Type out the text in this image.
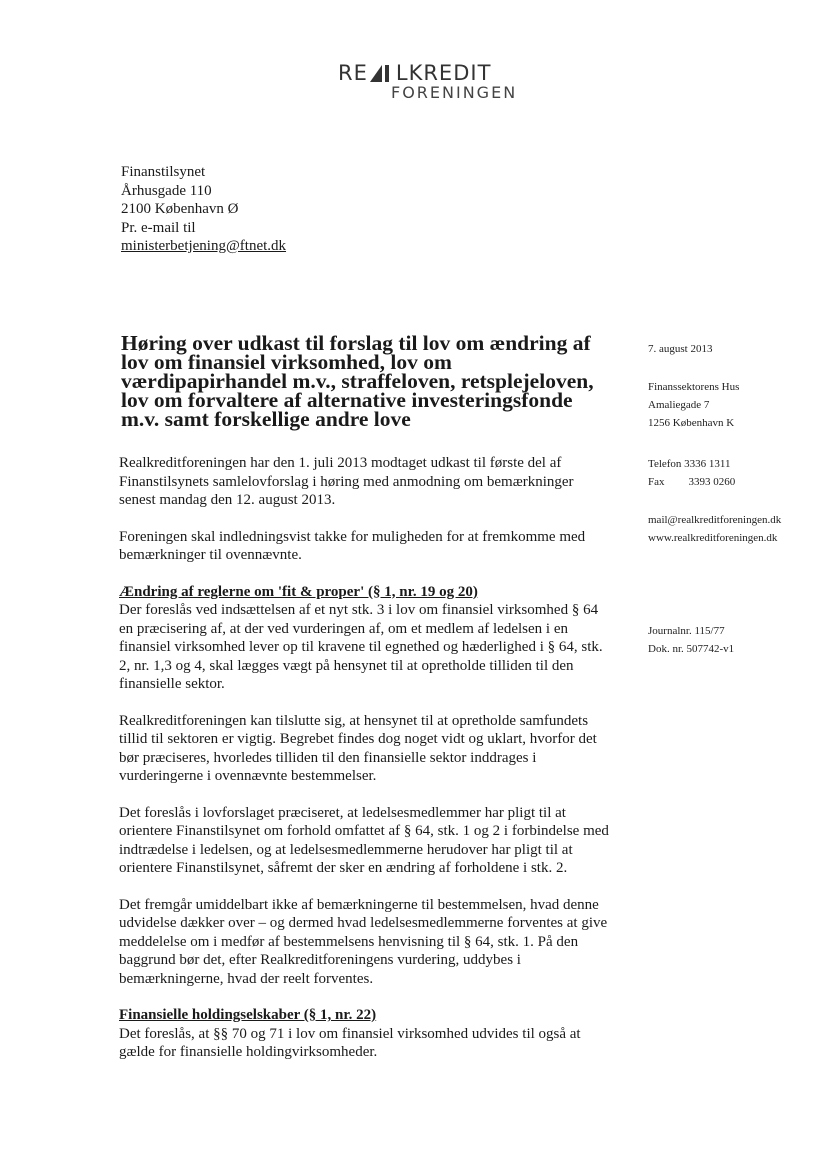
RE LKREDIT
FORENINGEN
Finanstilsynet
Århusgade 110
2100 København Ø
Pr. e-mail til
ministerbetjening@ftnet.dk
Høring over udkast til forslag til lov om ændring af lov om finansiel virksomhed, lov om værdipapirhandel m.v., straffeloven, retsplejeloven, lov om forvaltere af alternative investeringsfonde m.v. samt forskellige andre love
7. august 2013
Finanssektorens Hus
Amaliegade 7
1256 København K
Telefon 3336 1311
Fax 3393 0260
mail@realkreditforeningen.dk
www.realkreditforeningen.dk
Journalnr. 115/77
Dok. nr. 507742-v1

Realkreditforeningen har den 1. juli 2013 modtaget udkast til første del af Finanstilsynets samlelovforslag i høring med anmodning om bemærkninger senest mandag den 12. august 2013.

Foreningen skal indledningsvist takke for muligheden for at fremkomme med bemærkninger til ovennævnte.

Ændring af reglerne om 'fit & proper' (§ 1, nr. 19 og 20)

Der foreslås ved indsættelsen af et nyt stk. 3 i lov om finansiel virksomhed § 64 en præcisering af, at der ved vurderingen af, om et medlem af ledelsen i en finansiel virksomhed lever op til kravene til egnethed og hæderlighed i § 64, stk. 2, nr. 1,3 og 4, skal lægges vægt på hensynet til at opretholde tilliden til den finansielle sektor.

Realkreditforeningen kan tilslutte sig, at hensynet til at opretholde samfundets tillid til sektoren er vigtig. Begrebet findes dog noget vidt og uklart, hvorfor det bør præciseres, hvorledes tilliden til den finansielle sektor inddrages i vurderingerne i ovennævnte bestemmelser.

Det foreslås i lovforslaget præciseret, at ledelsesmedlemmer har pligt til at orientere Finanstilsynet om forhold omfattet af § 64, stk. 1 og 2 i forbindelse med indtrædelse i ledelsen, og at ledelsesmedlemmerne herudover har pligt til at orientere Finanstilsynet, såfremt der sker en ændring af forholdene i stk. 2.

Det fremgår umiddelbart ikke af bemærkningerne til bestemmelsen, hvad denne udvidelse dækker over – og dermed hvad ledelsesmedlemmerne forventes at give meddelelse om i medfør af bestemmelsens henvisning til § 64, stk. 1. På den baggrund bør det, efter Realkreditforeningens vurdering, uddybes i bemærkningerne, hvad der reelt forventes.

Finansielle holdingselskaber (§ 1, nr. 22)

Det foreslås, at §§ 70 og 71 i lov om finansiel virksomhed udvides til også at gælde for finansielle holdingvirksomheder.
